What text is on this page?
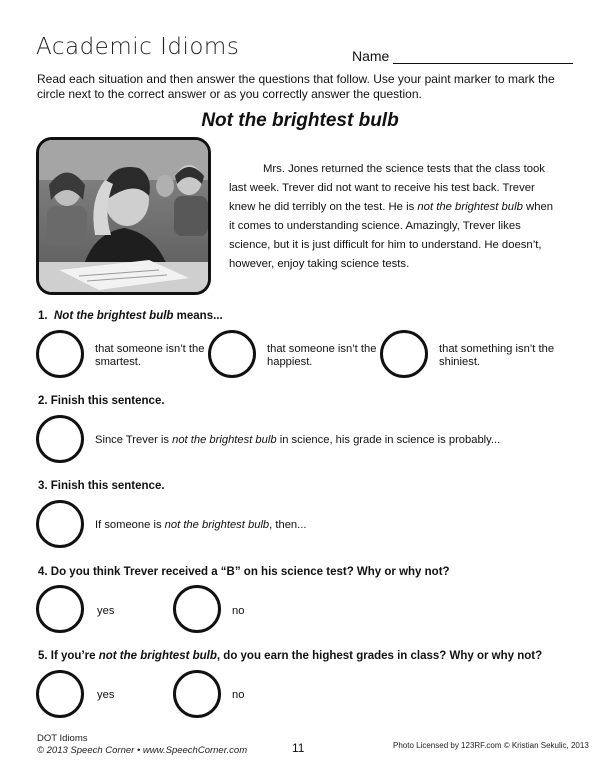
Academic Idioms	Name
Read each situation and then answer the questions that follow. Use your paint marker to mark the circle next to the correct answer or as you correctly answer the question.
Not the brightest bulb
Mrs. Jones returned the science tests that the class took last week. Trever did not want to receive his test back. Trever knew he did terribly on the test. He is not the brightest bulb when it comes to understanding science. Amazingly, Trever likes science, but it is just difficult for him to understand. He doesn’t, however, enjoy taking science tests.
1. Not the brightest bulb means...
that someone isn’t the smartest.
that someone isn’t the happiest.
that something isn’t the shiniest.
2. Finish this sentence.
Since Trever is not the brightest bulb in science, his grade in science is probably...
3. Finish this sentence.
If someone is not the brightest bulb, then...
4. Do you think Trever received a “B” on his science test? Why or why not?
yes	no
5. If you’re not the brightest bulb, do you earn the highest grades in class? Why or why not?
yes	no
DOT Idioms
© 2013 Speech Corner • www.SpeechCorner.com	11	Photo Licensed by 123RF.com © Kristian Sekulic, 2013
